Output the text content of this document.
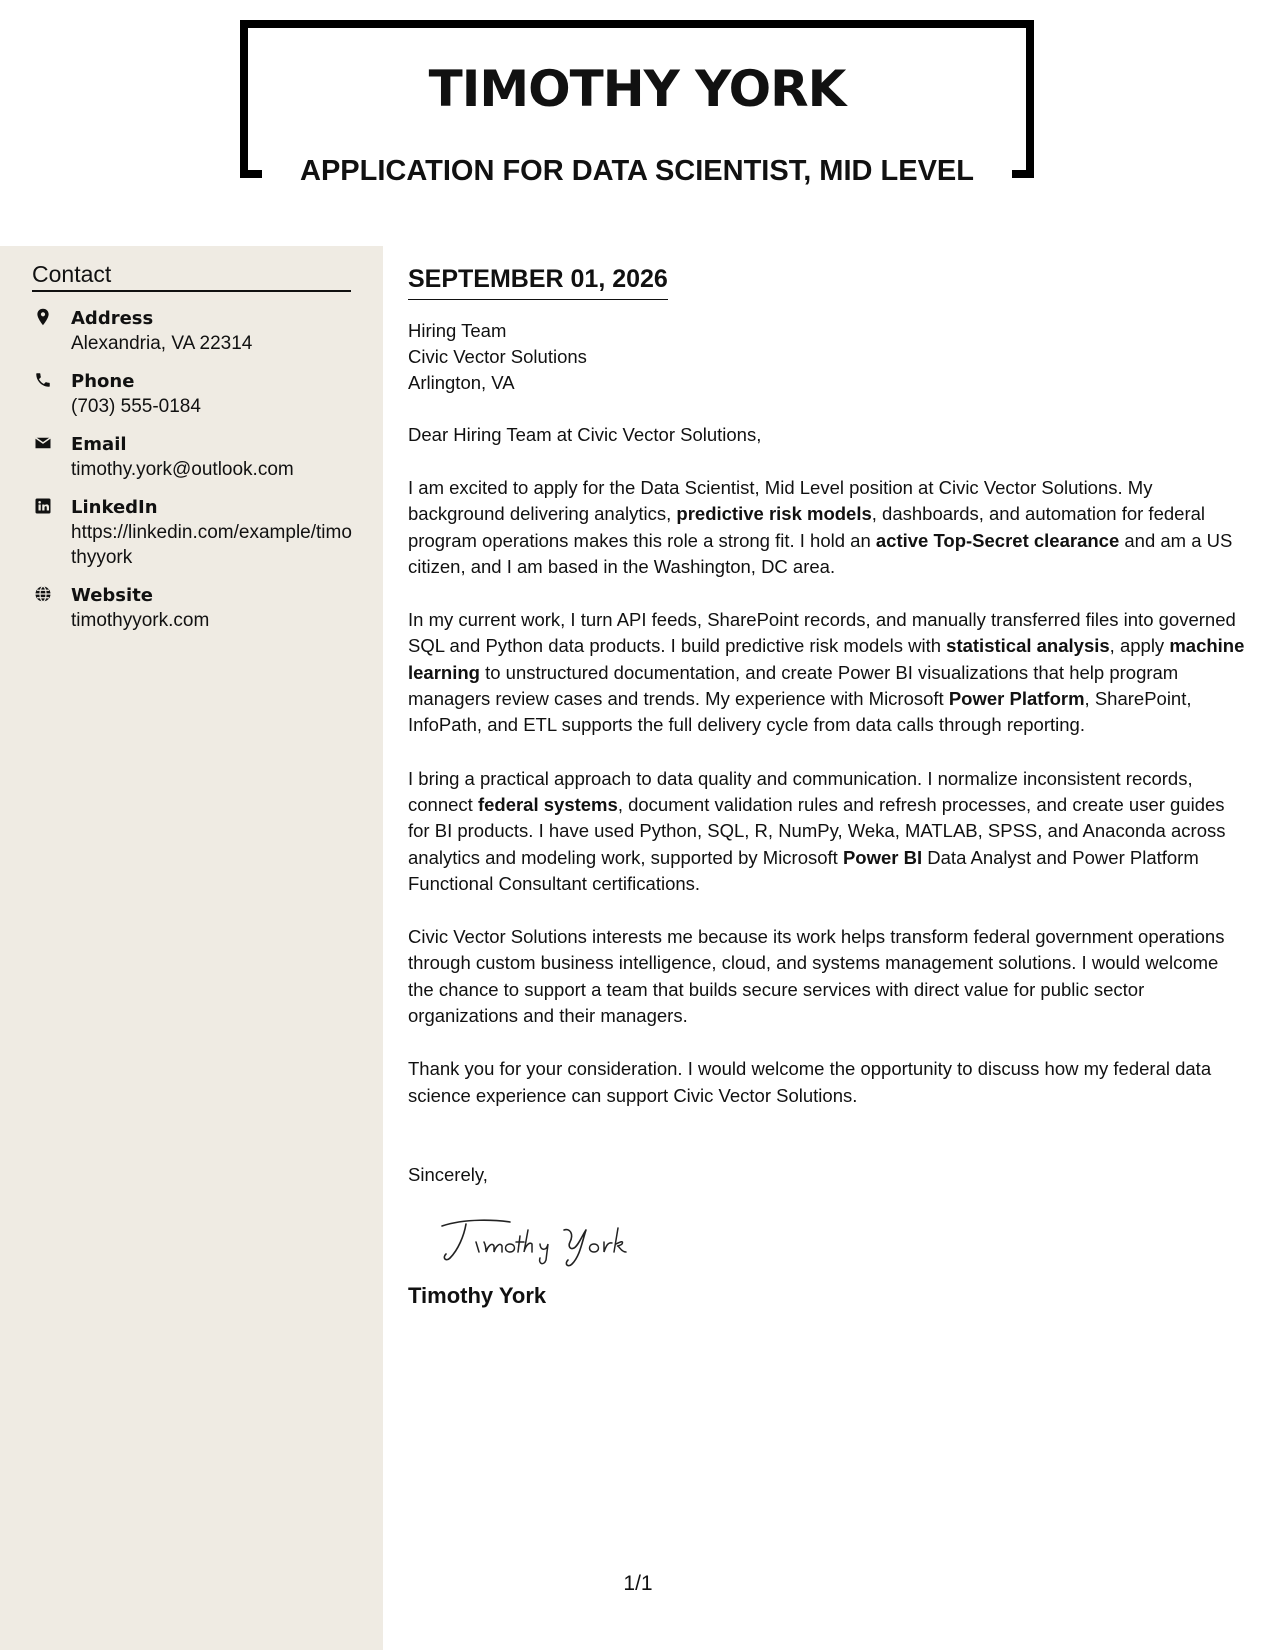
TIMOTHY YORK
APPLICATION FOR DATA SCIENTIST, MID LEVEL
Contact
Address
Alexandria, VA 22314
Phone
(703) 555-0184
Email
timothy.york@outlook.com
LinkedIn
https://linkedin.com/example/timothyyork
Website
timothyyork.com
SEPTEMBER 01, 2026
Hiring Team
Civic Vector Solutions
Arlington, VA
Dear Hiring Team at Civic Vector Solutions,
I am excited to apply for the Data Scientist, Mid Level position at Civic Vector Solutions. My background delivering analytics, predictive risk models, dashboards, and automation for federal program operations makes this role a strong fit. I hold an active Top-Secret clearance and am a US citizen, and I am based in the Washington, DC area.
In my current work, I turn API feeds, SharePoint records, and manually transferred files into governed SQL and Python data products. I build predictive risk models with statistical analysis, apply machine learning to unstructured documentation, and create Power BI visualizations that help program managers review cases and trends. My experience with Microsoft Power Platform, SharePoint, InfoPath, and ETL supports the full delivery cycle from data calls through reporting.
I bring a practical approach to data quality and communication. I normalize inconsistent records, connect federal systems, document validation rules and refresh processes, and create user guides for BI products. I have used Python, SQL, R, NumPy, Weka, MATLAB, SPSS, and Anaconda across analytics and modeling work, supported by Microsoft Power BI Data Analyst and Power Platform Functional Consultant certifications.
Civic Vector Solutions interests me because its work helps transform federal government operations through custom business intelligence, cloud, and systems management solutions. I would welcome the chance to support a team that builds secure services with direct value for public sector organizations and their managers.
Thank you for your consideration. I would welcome the opportunity to discuss how my federal data science experience can support Civic Vector Solutions.
Sincerely,
Timothy York
1/1
